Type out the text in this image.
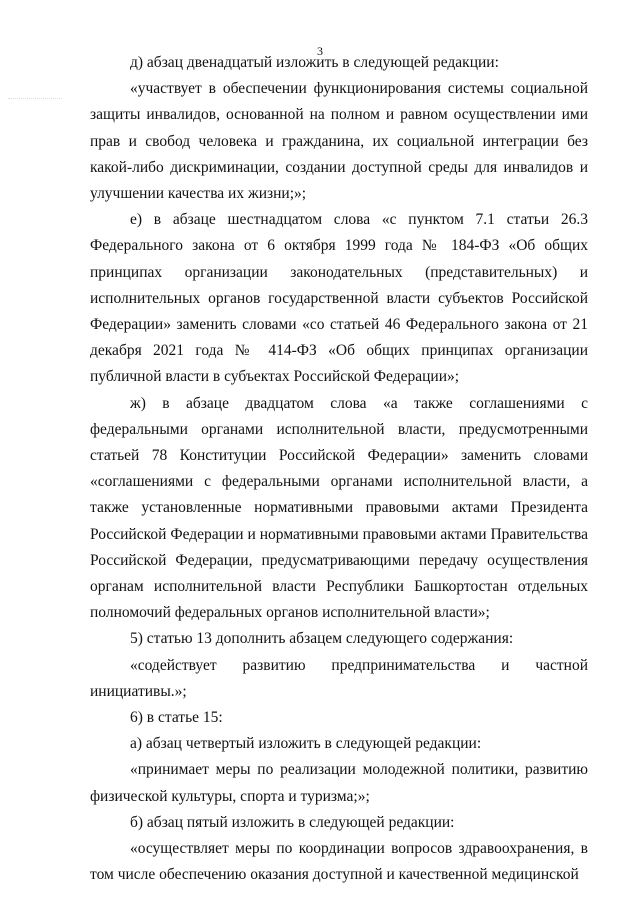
3

д) абзац двенадцатый изложить в следующей редакции:

«участвует в обеспечении функционирования системы социальной защиты инвалидов, основанной на полном и равном осуществлении ими прав и свобод человека и гражданина, их социальной интеграции без какой-либо дискриминации, создании доступной среды для инвалидов и улучшении качества их жизни;»;

е) в абзаце шестнадцатом слова «с пунктом 7.1 статьи 26.3 Федерального закона от 6 октября 1999 года № 184-ФЗ «Об общих принципах организации законодательных (представительных) и исполнительных органов государственной власти субъектов Российской Федерации» заменить словами «со статьей 46 Федерального закона от 21 декабря 2021 года № 414-ФЗ «Об общих принципах организации публичной власти в субъектах Российской Федерации»;

ж) в абзаце двадцатом слова «а также соглашениями с федеральными органами исполнительной власти, предусмотренными статьей 78 Конституции Российской Федерации» заменить словами «соглашениями с федеральными органами исполнительной власти, а также установленные нормативными правовыми актами Президента Российской Федерации и нормативными правовыми актами Правительства Российской Федерации, предусматривающими передачу осуществления органам исполнительной власти Республики Башкортостан отдельных полномочий федеральных органов исполнительной власти»;

5) статью 13 дополнить абзацем следующего содержания:

«содействует развитию предпринимательства и частной инициативы.»;

6) в статье 15:

а) абзац четвертый изложить в следующей редакции:

«принимает меры по реализации молодежной политики, развитию физической культуры, спорта и туризма;»;

б) абзац пятый изложить в следующей редакции:

«осуществляет меры по координации вопросов здравоохранения, в том числе обеспечению оказания доступной и качественной медицинской
